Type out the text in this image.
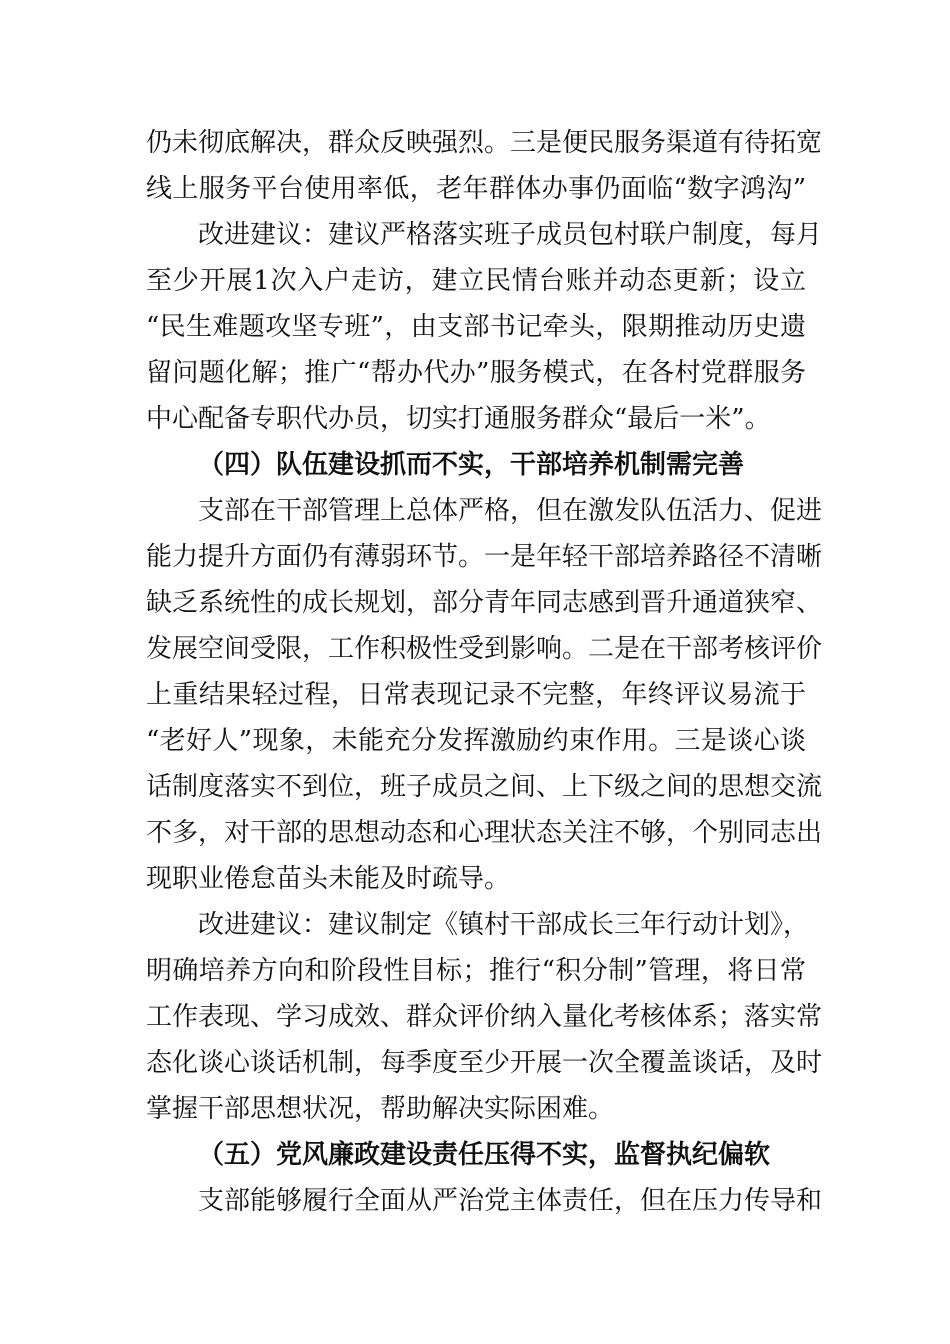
仍未彻底解决，群众反映强烈。三是便民服务渠道有待拓宽
线上服务平台使用率低，老年群体办事仍面临“数字鸿沟”
改进建议：建议严格落实班子成员包村联户制度，每月
至少开展1次入户走访，建立民情台账并动态更新；设立
“民生难题攻坚专班”，由支部书记牵头，限期推动历史遗
留问题化解；推广“帮办代办”服务模式，在各村党群服务
中心配备专职代办员，切实打通服务群众“最后一米”。
（四）队伍建设抓而不实，干部培养机制需完善
支部在干部管理上总体严格，但在激发队伍活力、促进
能力提升方面仍有薄弱环节。一是年轻干部培养路径不清晰
缺乏系统性的成长规划，部分青年同志感到晋升通道狭窄、
发展空间受限，工作积极性受到影响。二是在干部考核评价
上重结果轻过程，日常表现记录不完整，年终评议易流于
“老好人”现象，未能充分发挥激励约束作用。三是谈心谈
话制度落实不到位，班子成员之间、上下级之间的思想交流
不多，对干部的思想动态和心理状态关注不够，个别同志出
现职业倦怠苗头未能及时疏导。
改进建议：建议制定《镇村干部成长三年行动计划》，
明确培养方向和阶段性目标；推行“积分制”管理，将日常
工作表现、学习成效、群众评价纳入量化考核体系；落实常
态化谈心谈话机制，每季度至少开展一次全覆盖谈话，及时
掌握干部思想状况，帮助解决实际困难。
（五）党风廉政建设责任压得不实，监督执纪偏软
支部能够履行全面从严治党主体责任，但在压力传导和
